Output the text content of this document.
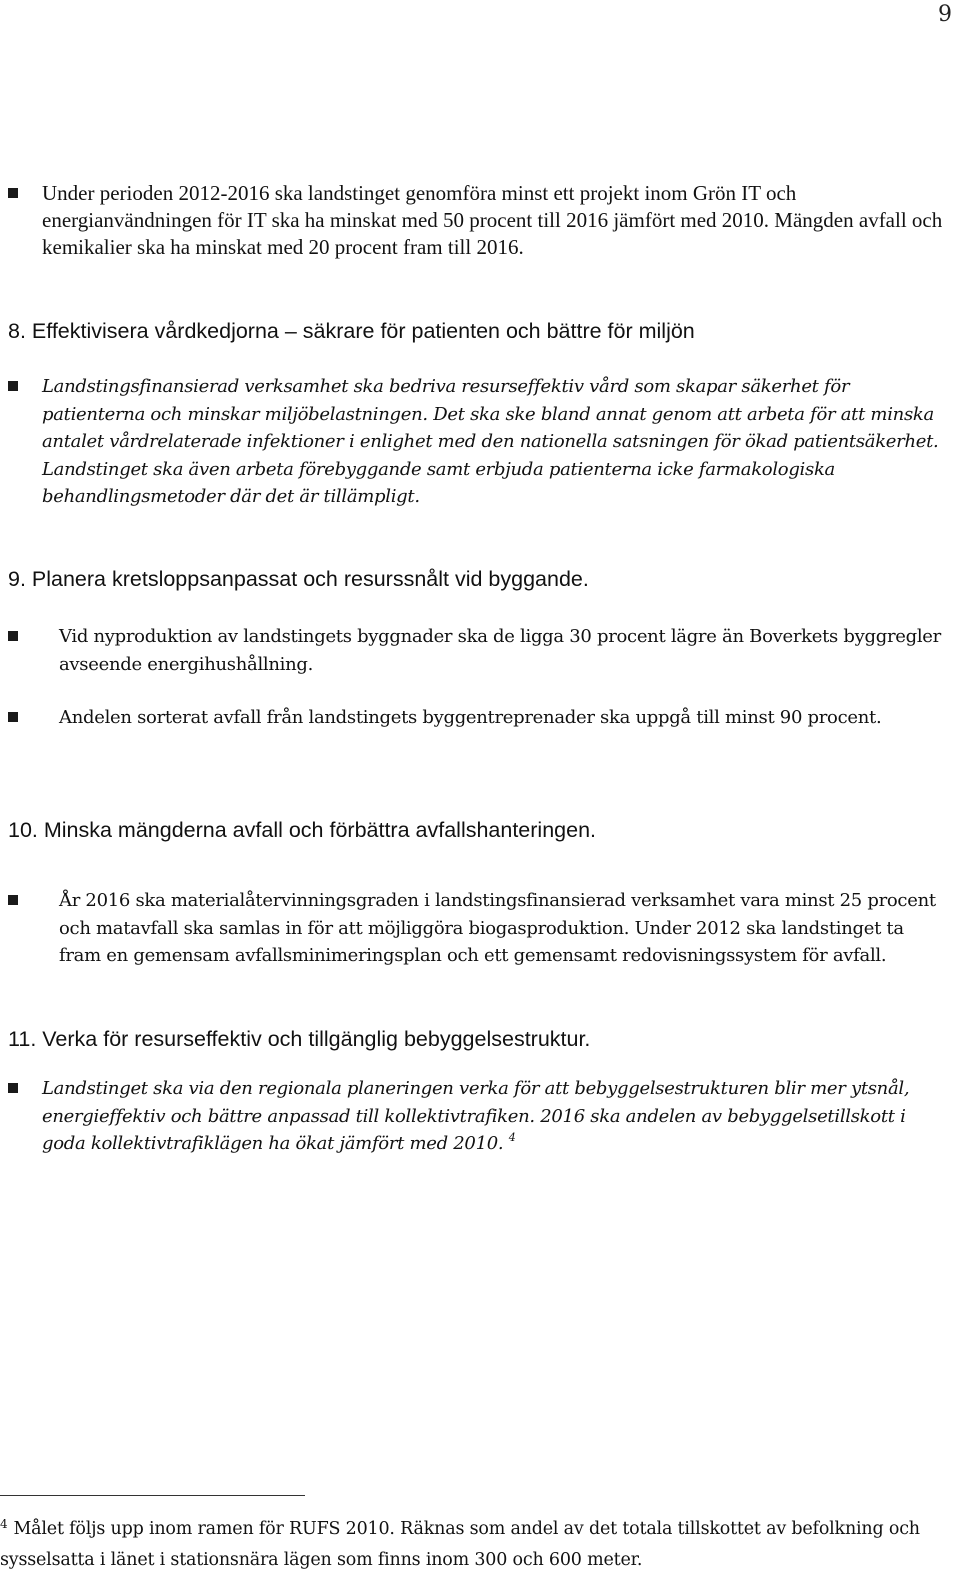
9
Under perioden 2012-2016 ska landstinget genomföra minst ett projekt inom Grön IT och energianvändningen för IT ska ha minskat med 50 procent till 2016 jämfört med 2010. Mängden avfall och kemikalier ska ha minskat med 20 procent fram till 2016.
8. Effektivisera vårdkedjorna – säkrare för patienten och bättre för miljön
Landstingsfinansierad verksamhet ska bedriva resurseffektiv vård som skapar säkerhet för patienterna och minskar miljöbelastningen. Det ska ske bland annat genom att arbeta för att minska antalet vårdrelaterade infektioner i enlighet med den nationella satsningen för ökad patientsäkerhet. Landstinget ska även arbeta förebyggande samt erbjuda patienterna icke farmakologiska behandlingsmetoder där det är tillämpligt.
9. Planera kretsloppsanpassat och resurssnålt vid byggande.
Vid nyproduktion av landstingets byggnader ska de ligga 30 procent lägre än Boverkets byggregler avseende energihushållning.
Andelen sorterat avfall från landstingets byggentreprenader ska uppgå till minst 90 procent.
10. Minska mängderna avfall och förbättra avfallshanteringen.
År 2016 ska materialåtervinningsgraden i landstingsfinansierad verksamhet vara minst 25 procent och matavfall ska samlas in för att möjliggöra biogasproduktion. Under 2012 ska landstinget ta fram en gemensam avfallsminimeringsplan och ett gemensamt redovisningssystem för avfall.
11. Verka för resurseffektiv och tillgänglig bebyggelsestruktur.
Landstinget ska via den regionala planeringen verka för att bebyggelsestrukturen blir mer ytsnål, energieffektiv och bättre anpassad till kollektivtrafiken. 2016 ska andelen av bebyggelsetillskott i goda kollektivtrafiklägen ha ökat jämfört med 2010. $^4$
$^4$ Målet följs upp inom ramen för RUFS 2010. Räknas som andel av det totala tillskottet av befolkning och sysselsatta i länet i stationsnära lägen som finns inom 300 och 600 meter.
